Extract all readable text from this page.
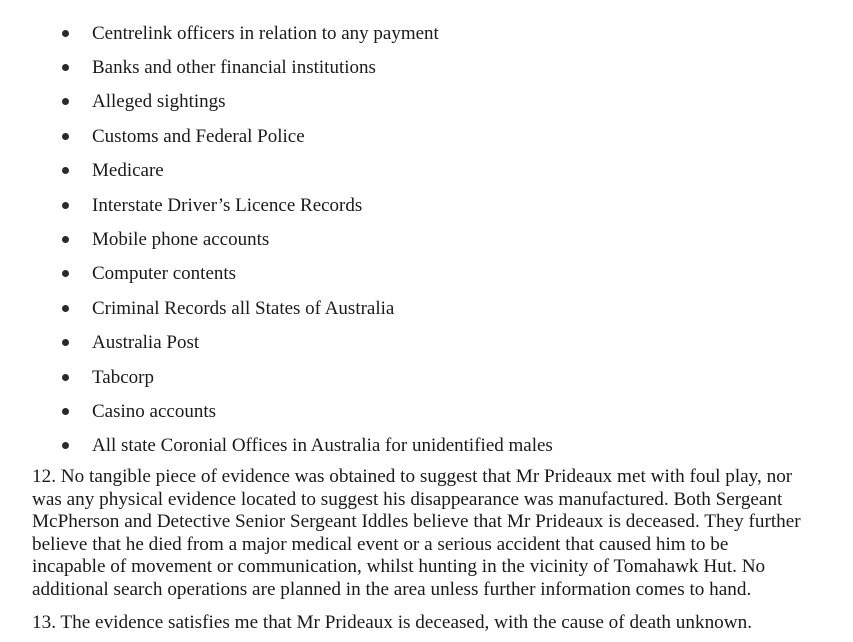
Centrelink officers in relation to any payment
Banks and other financial institutions
Alleged sightings
Customs and Federal Police
Medicare
Interstate Driver’s Licence Records
Mobile phone accounts
Computer contents
Criminal Records all States of Australia
Australia Post
Tabcorp
Casino accounts
All state Coronial Offices in Australia for unidentified males

12. No tangible piece of evidence was obtained to suggest that Mr Prideaux met with foul play, nor
was any physical evidence located to suggest his disappearance was manufactured. Both Sergeant
McPherson and Detective Senior Sergeant Iddles believe that Mr Prideaux is deceased. They further
believe that he died from a major medical event or a serious accident that caused him to be
incapable of movement or communication, whilst hunting in the vicinity of Tomahawk Hut. No
additional search operations are planned in the area unless further information comes to hand.

13. The evidence satisfies me that Mr Prideaux is deceased, with the cause of death unknown.
